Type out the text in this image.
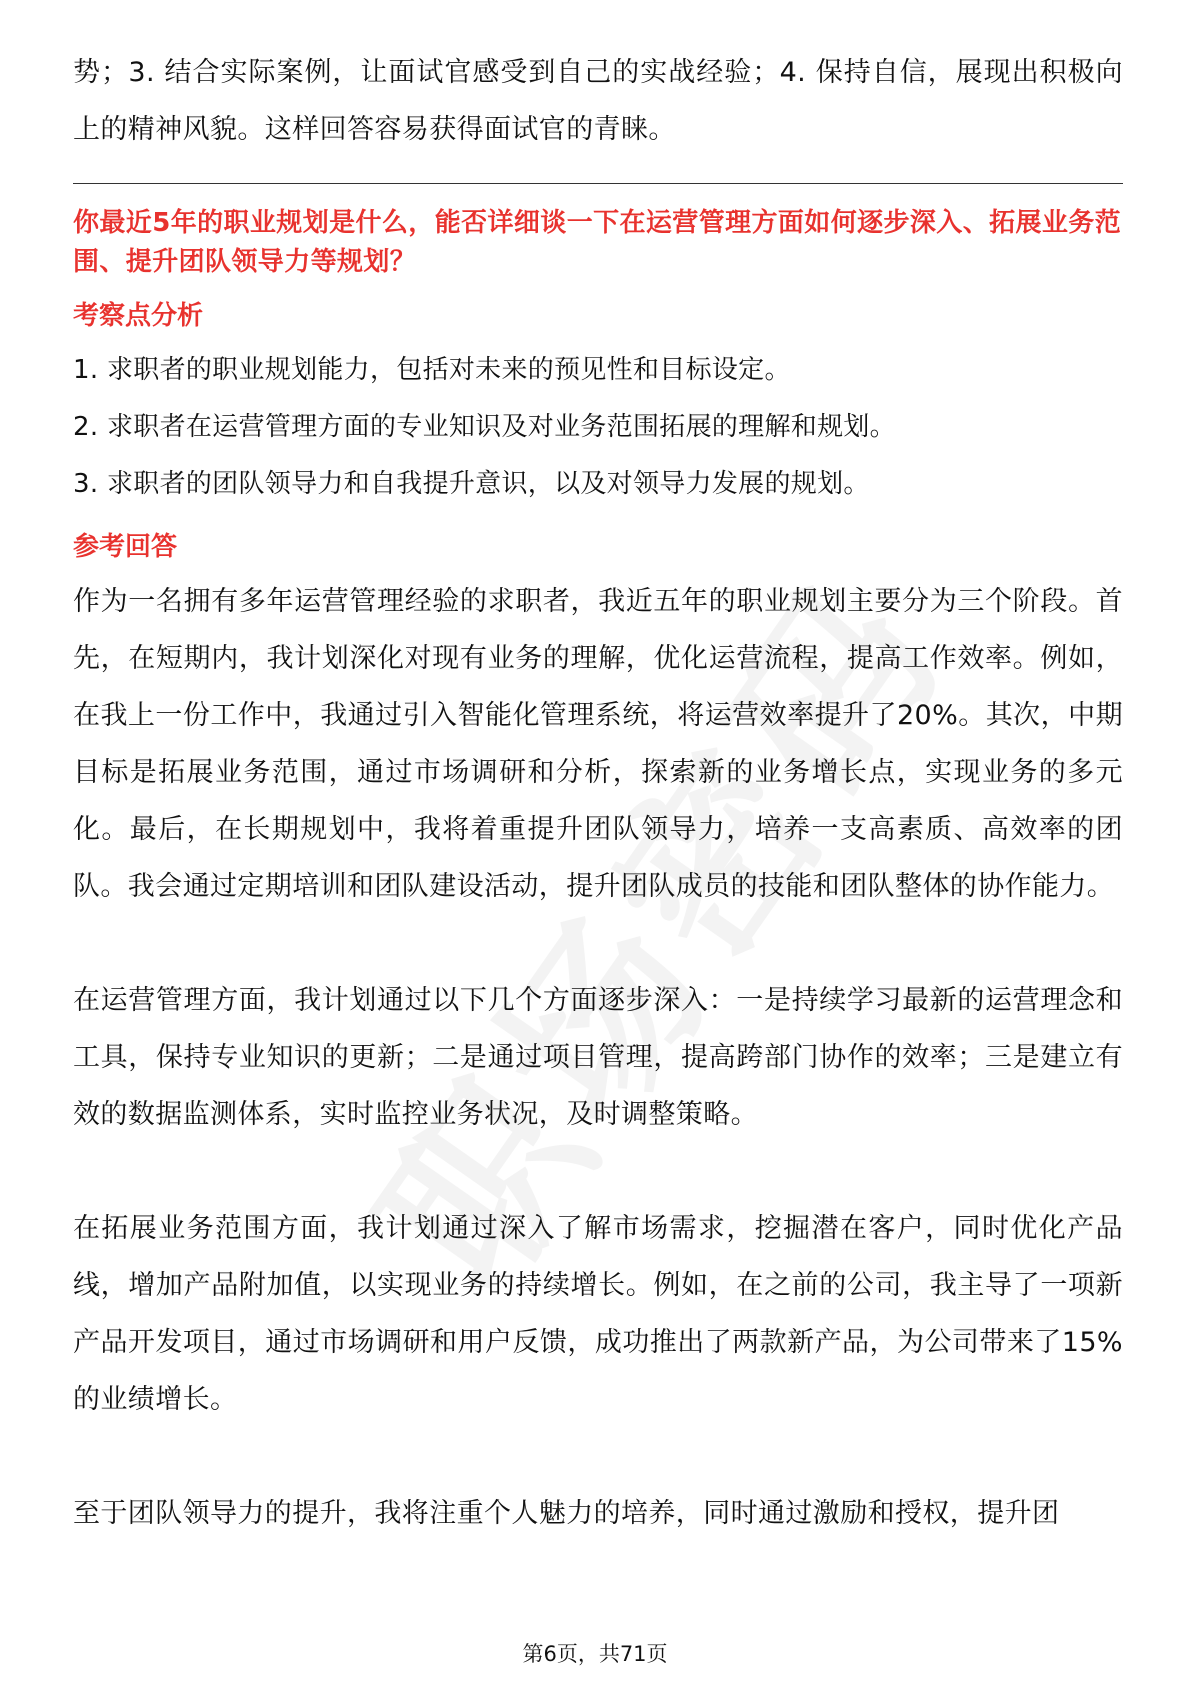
势；3. 结合实际案例，让面试官感受到自己的实战经验；4. 保持自信，展现出积极向上的精神风貌。这样回答容易获得面试官的青睐。

你最近5年的职业规划是什么，能否详细谈一下在运营管理方面如何逐步深入、拓展业务范围、提升团队领导力等规划？

考察点分析

1. 求职者的职业规划能力，包括对未来的预见性和目标设定。

2. 求职者在运营管理方面的专业知识及对业务范围拓展的理解和规划。

3. 求职者的团队领导力和自我提升意识，以及对领导力发展的规划。

参考回答

作为一名拥有多年运营管理经验的求职者，我近五年的职业规划主要分为三个阶段。首先，在短期内，我计划深化对现有业务的理解，优化运营流程，提高工作效率。例如，在我上一份工作中，我通过引入智能化管理系统，将运营效率提升了20%。其次，中期目标是拓展业务范围，通过市场调研和分析，探索新的业务增长点，实现业务的多元化。最后，在长期规划中，我将着重提升团队领导力，培养一支高素质、高效率的团队。我会通过定期培训和团队建设活动，提升团队成员的技能和团队整体的协作能力。

在运营管理方面，我计划通过以下几个方面逐步深入：一是持续学习最新的运营理念和工具，保持专业知识的更新；二是通过项目管理，提高跨部门协作的效率；三是建立有效的数据监测体系，实时监控业务状况，及时调整策略。

在拓展业务范围方面，我计划通过深入了解市场需求，挖掘潜在客户，同时优化产品线，增加产品附加值，以实现业务的持续增长。例如，在之前的公司，我主导了一项新产品开发项目，通过市场调研和用户反馈，成功推出了两款新产品，为公司带来了15%的业绩增长。

至于团队领导力的提升，我将注重个人魅力的培养，同时通过激励和授权，提升团

第6页，共71页
